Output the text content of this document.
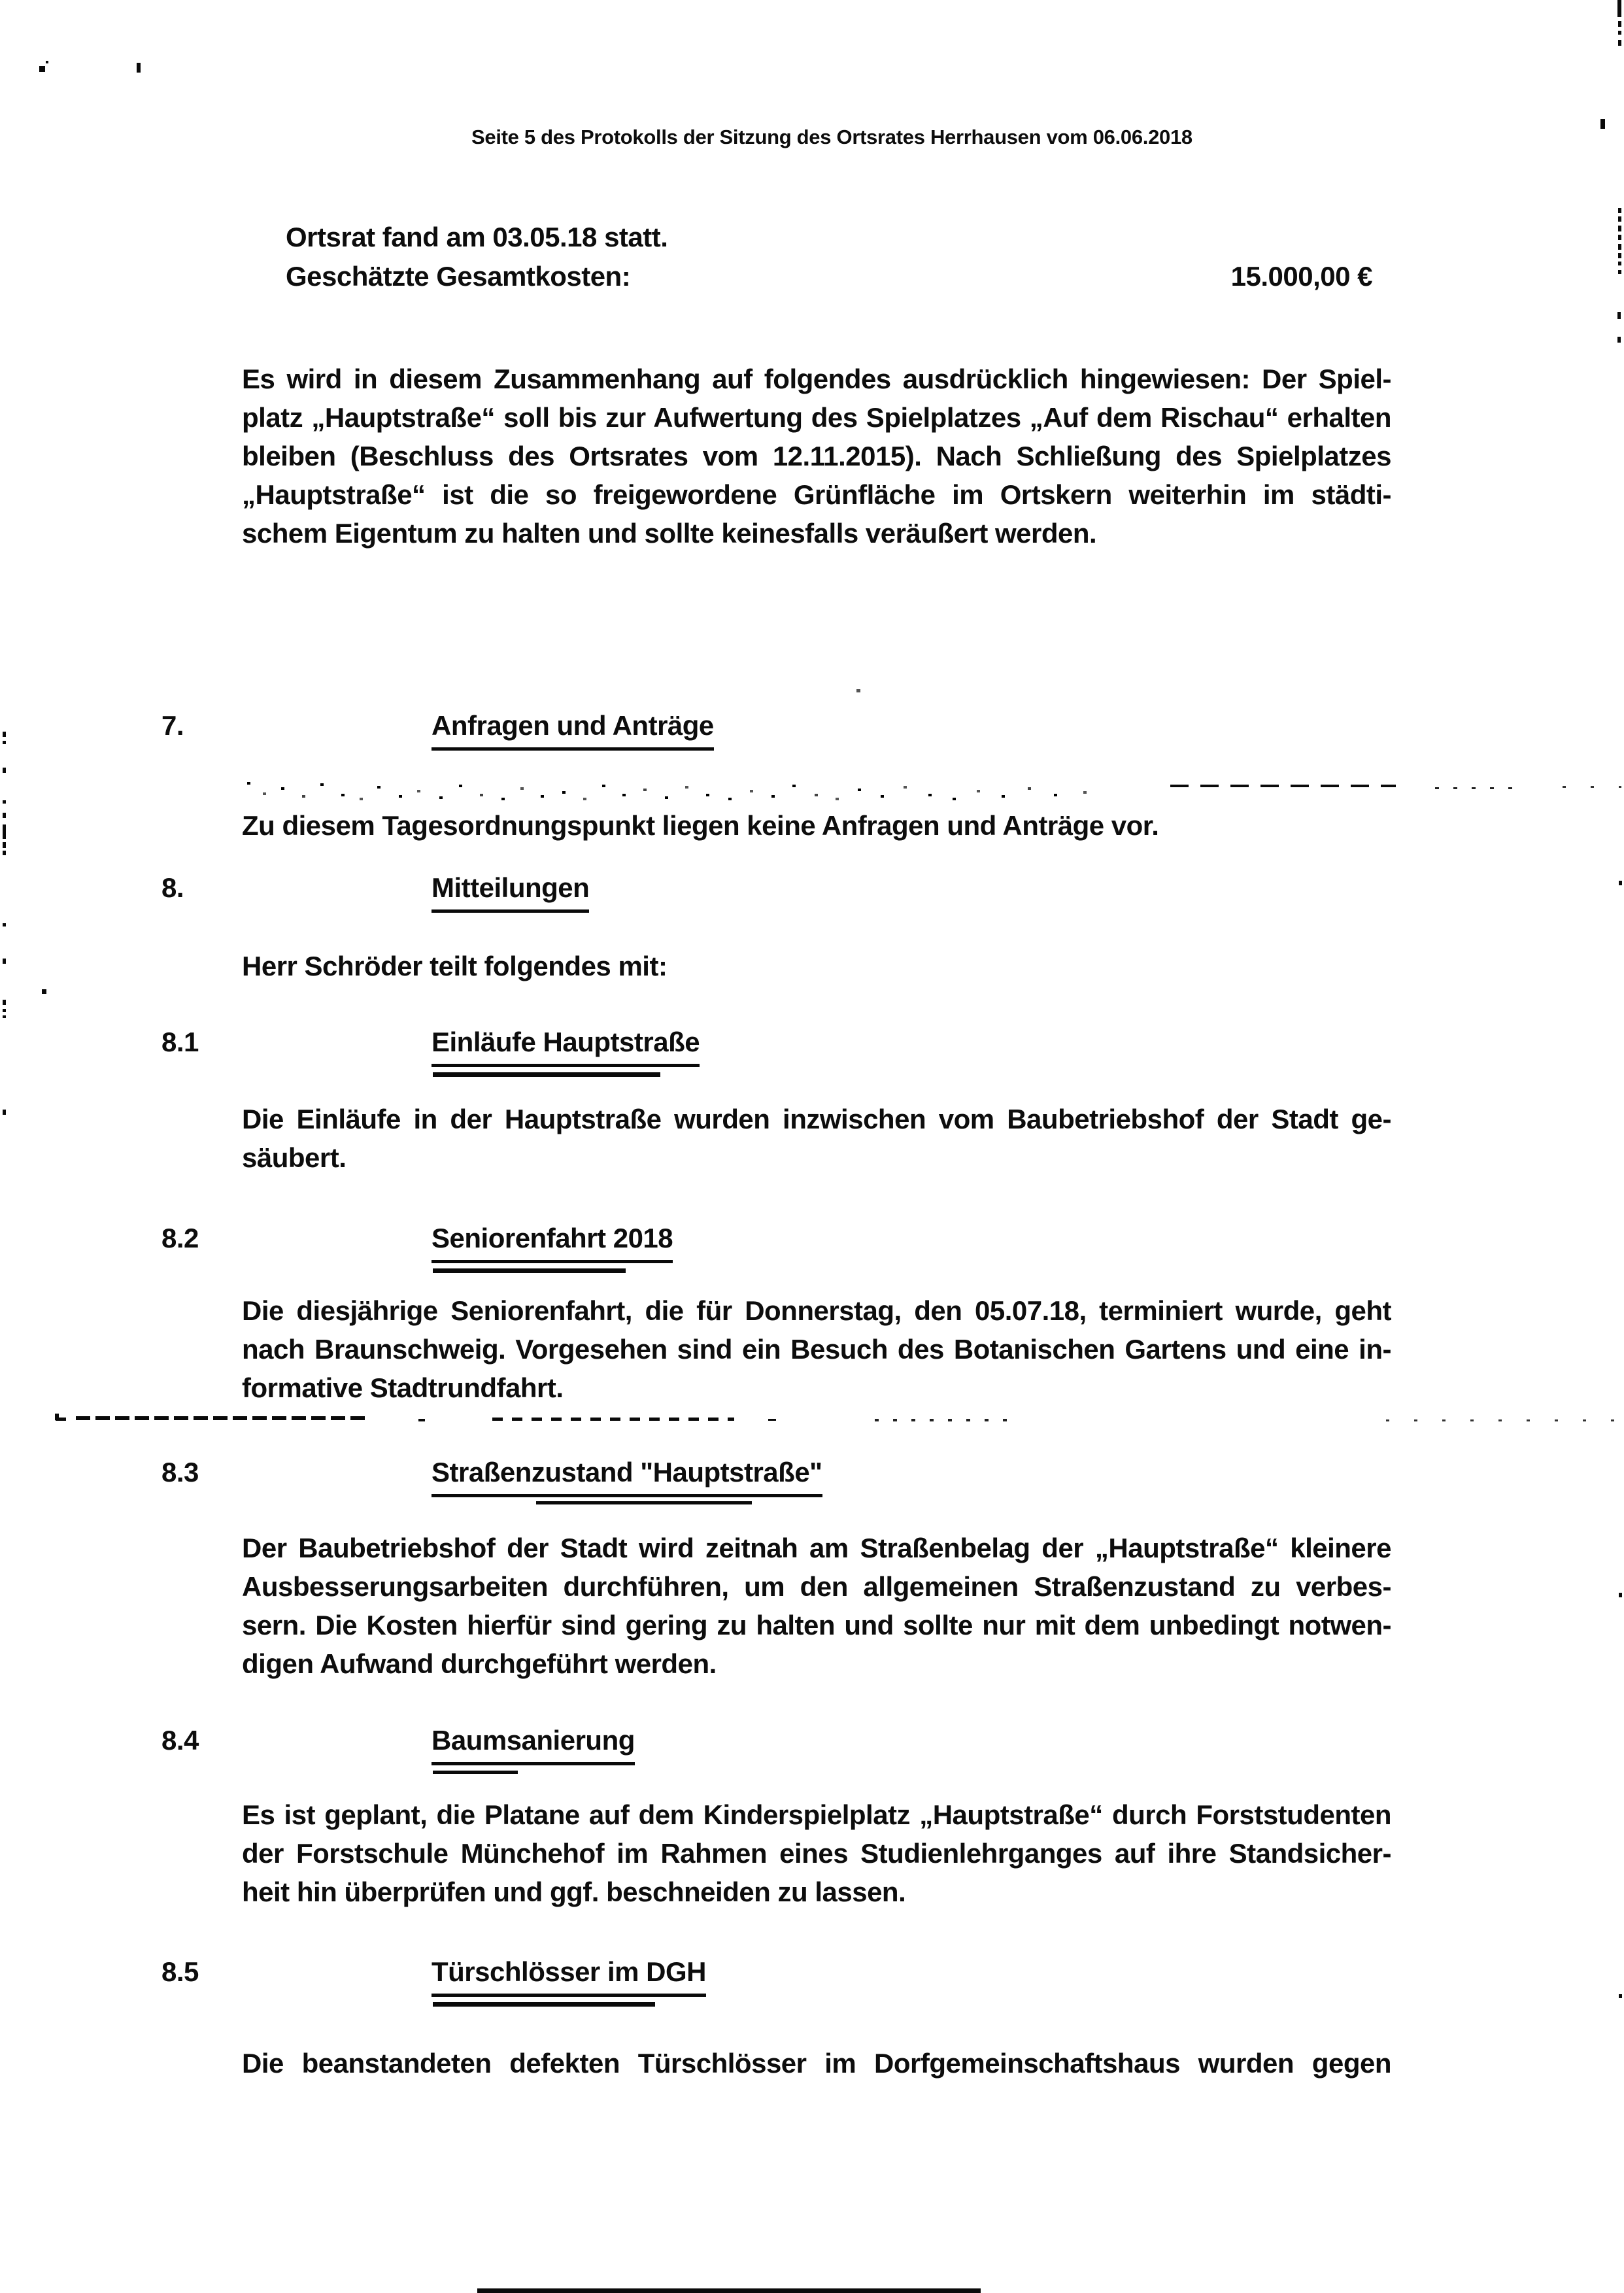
Seite 5 des Protokolls der Sitzung des Ortsrates Herrhausen vom 06.06.2018
Ortsrat fand am 03.05.18 statt.
Geschätzte Gesamtkosten:	15.000,00 €
Es wird in diesem Zusammenhang auf folgendes ausdrücklich hingewiesen: Der Spiel-
platz „Hauptstraße“ soll bis zur Aufwertung des Spielplatzes „Auf dem Rischau“ erhalten
bleiben (Beschluss des Ortsrates vom 12.11.2015). Nach Schließung des Spielplatzes
„Hauptstraße“ ist die so freigewordene Grünfläche im Ortskern weiterhin im städti-
schem Eigentum zu halten und sollte keinesfalls veräußert werden.
7.	Anfragen und Anträge
Zu diesem Tagesordnungspunkt liegen keine Anfragen und Anträge vor.
8.	Mitteilungen
Herr Schröder teilt folgendes mit:
8.1	Einläufe Hauptstraße
Die Einläufe in der Hauptstraße wurden inzwischen vom Baubetriebshof der Stadt ge-
säubert.
8.2	Seniorenfahrt 2018
Die diesjährige Seniorenfahrt, die für Donnerstag, den 05.07.18, terminiert wurde, geht
nach Braunschweig. Vorgesehen sind ein Besuch des Botanischen Gartens und eine in-
formative Stadtrundfahrt.
8.3	Straßenzustand "Hauptstraße"
Der Baubetriebshof der Stadt wird zeitnah am Straßenbelag der „Hauptstraße“ kleinere
Ausbesserungsarbeiten durchführen, um den allgemeinen Straßenzustand zu verbes-
sern. Die Kosten hierfür sind gering zu halten und sollte nur mit dem unbedingt notwen-
digen Aufwand durchgeführt werden.
8.4	Baumsanierung
Es ist geplant, die Platane auf dem Kinderspielplatz „Hauptstraße“ durch Forststudenten
der Forstschule Münchehof im Rahmen eines Studienlehrganges auf ihre Standsicher-
heit hin überprüfen und ggf. beschneiden zu lassen.
8.5	Türschlösser im DGH
Die beanstandeten defekten Türschlösser im Dorfgemeinschaftshaus wurden gegen
